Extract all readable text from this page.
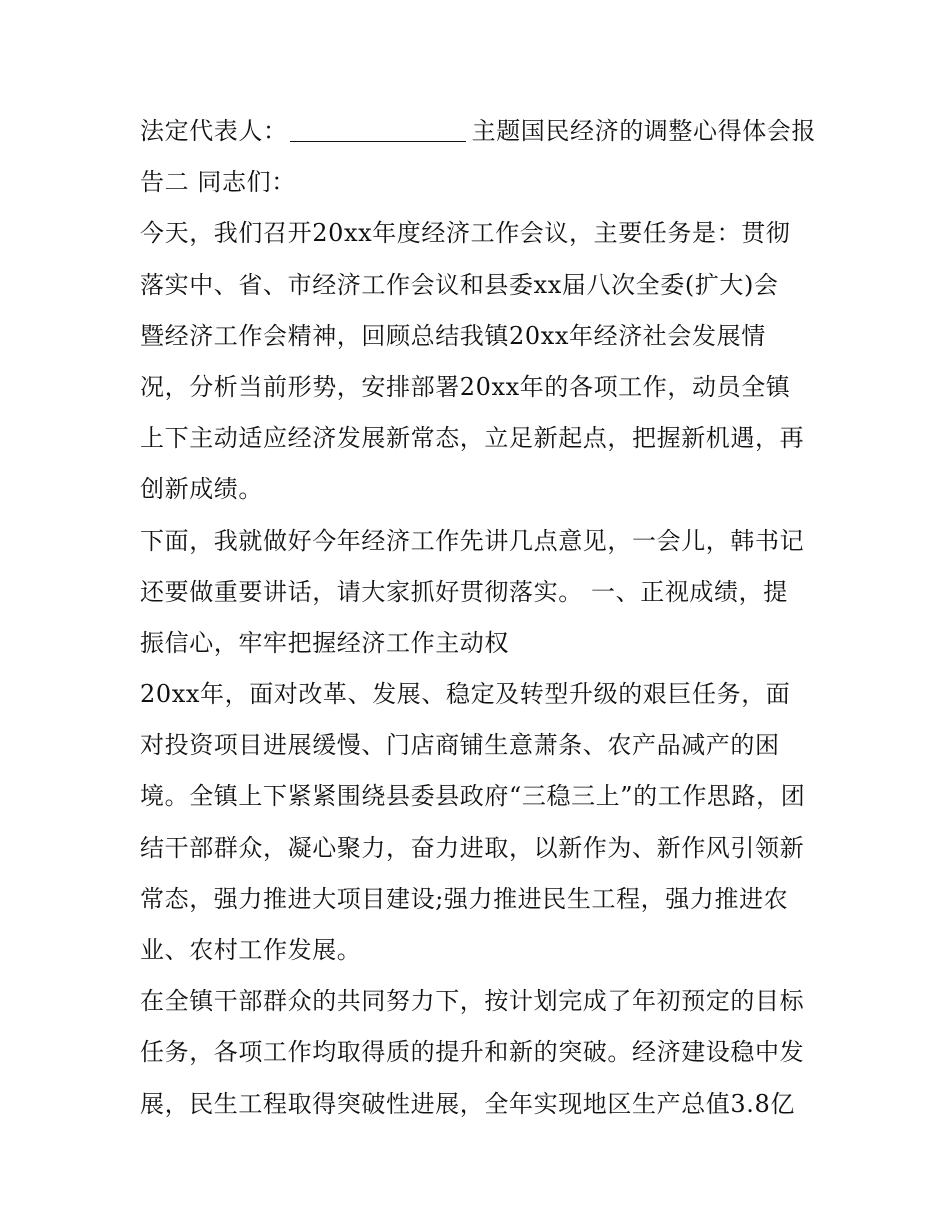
法定代表人：	主题国民经济的调整心得体会报
告二 同志们：
今天，我们召开20xx年度经济工作会议，主要任务是：贯彻
落实中、省、市经济工作会议和县委xx届八次全委(扩大)会
暨经济工作会精神，回顾总结我镇20xx年经济社会发展情
况，分析当前形势，安排部署20xx年的各项工作，动员全镇
上下主动适应经济发展新常态，立足新起点，把握新机遇，再
创新成绩。
下面，我就做好今年经济工作先讲几点意见，一会儿，韩书记
还要做重要讲话，请大家抓好贯彻落实。 一、正视成绩，提
振信心，牢牢把握经济工作主动权
20xx年，面对改革、发展、稳定及转型升级的艰巨任务，面
对投资项目进展缓慢、门店商铺生意萧条、农产品减产的困
境。全镇上下紧紧围绕县委县政府“三稳三上”的工作思路，团
结干部群众，凝心聚力，奋力进取，以新作为、新作风引领新
常态，强力推进大项目建设;强力推进民生工程，强力推进农
业、农村工作发展。
在全镇干部群众的共同努力下，按计划完成了年初预定的目标
任务，各项工作均取得质的提升和新的突破。经济建设稳中发
展，民生工程取得突破性进展，全年实现地区生产总值3.8亿
